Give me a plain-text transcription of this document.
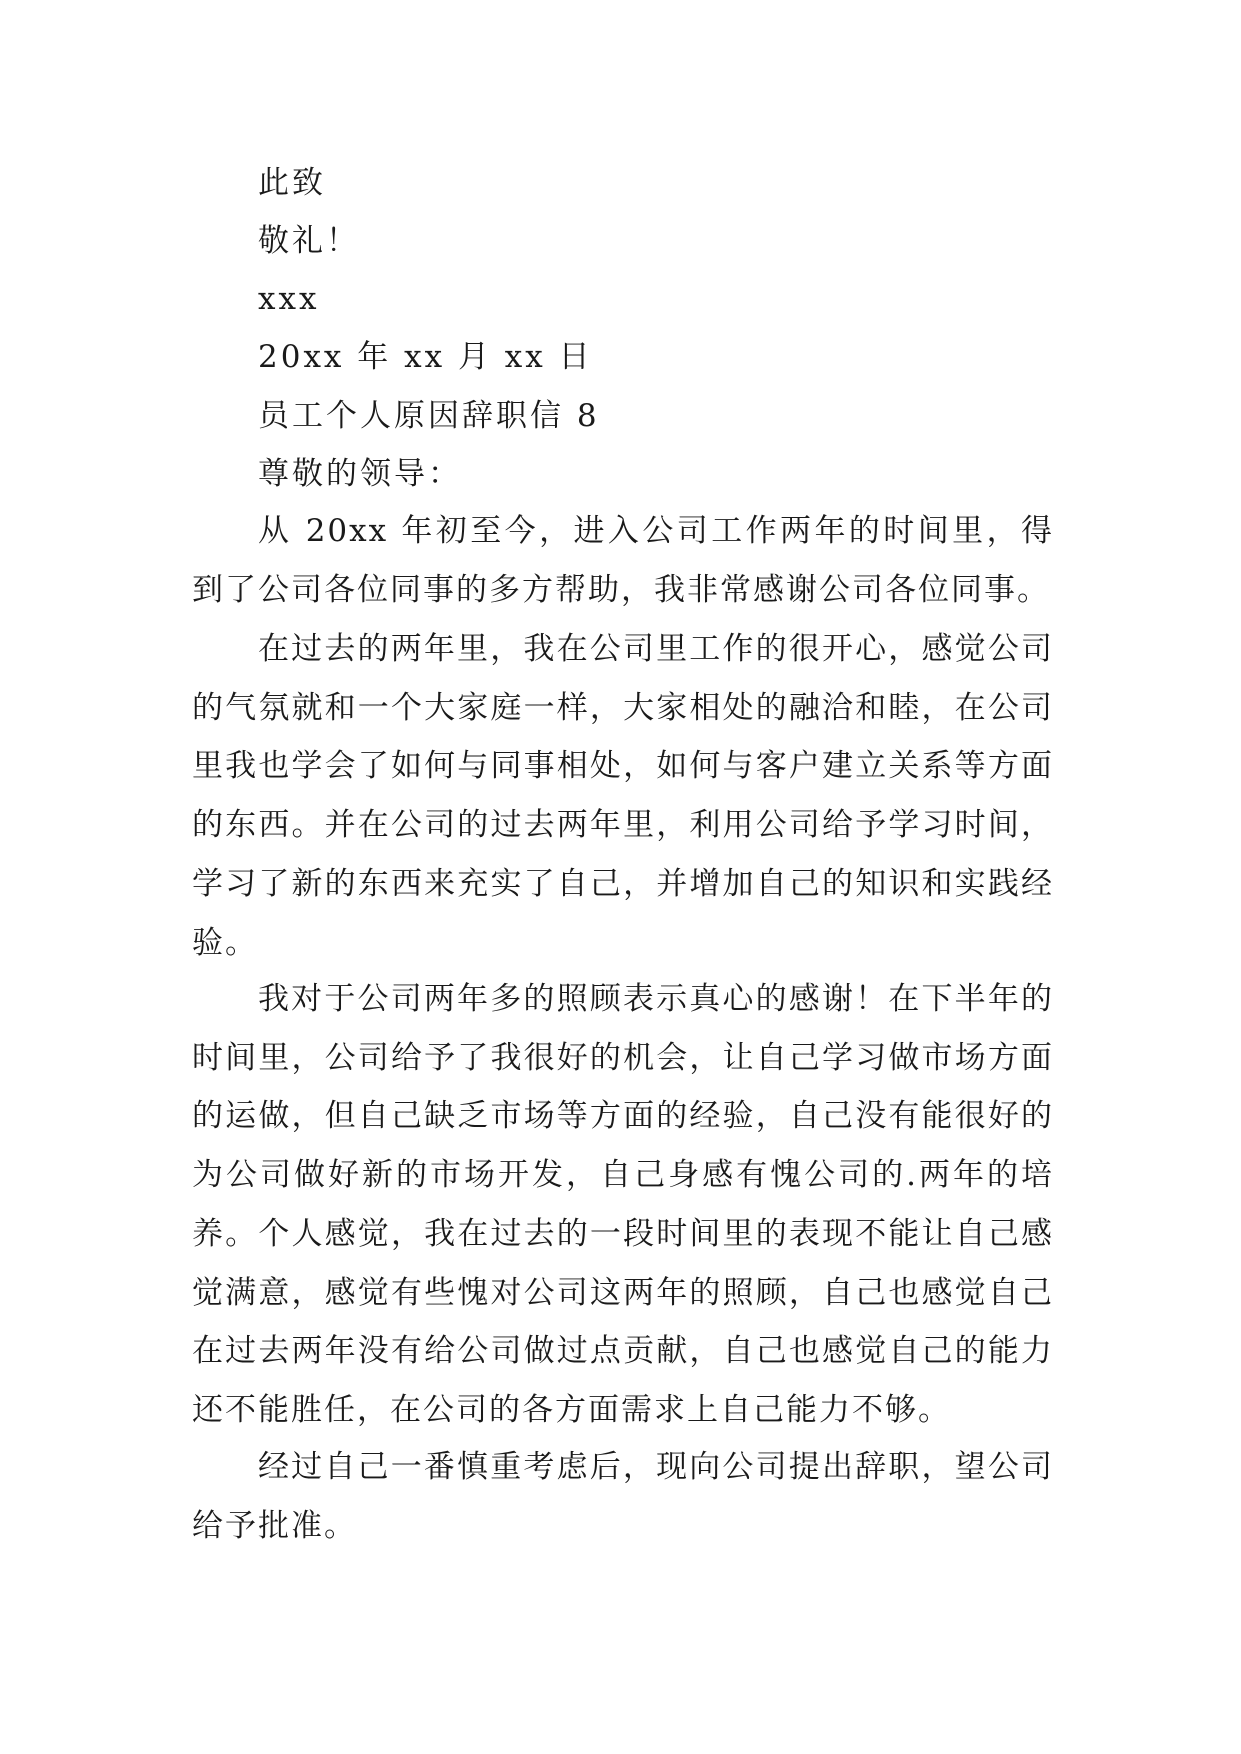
此致
敬礼！
xxx
20xx 年 xx 月 xx 日
员工个人原因辞职信 8
尊敬的领导：

从 20xx 年初至今，进入公司工作两年的时间里，得到了公司各位同事的多方帮助，我非常感谢公司各位同事。

在过去的两年里，我在公司里工作的很开心，感觉公司的气氛就和一个大家庭一样，大家相处的融洽和睦，在公司里我也学会了如何与同事相处，如何与客户建立关系等方面的东西。并在公司的过去两年里，利用公司给予学习时间，学习了新的东西来充实了自己，并增加自己的知识和实践经验。

我对于公司两年多的照顾表示真心的感谢！在下半年的时间里，公司给予了我很好的机会，让自己学习做市场方面的运做，但自己缺乏市场等方面的经验，自己没有能很好的为公司做好新的市场开发，自己身感有愧公司的.两年的培养。个人感觉，我在过去的一段时间里的表现不能让自己感觉满意，感觉有些愧对公司这两年的照顾，自己也感觉自己在过去两年没有给公司做过点贡献，自己也感觉自己的能力还不能胜任，在公司的各方面需求上自己能力不够。

经过自己一番慎重考虑后，现向公司提出辞职，望公司给予批准。
